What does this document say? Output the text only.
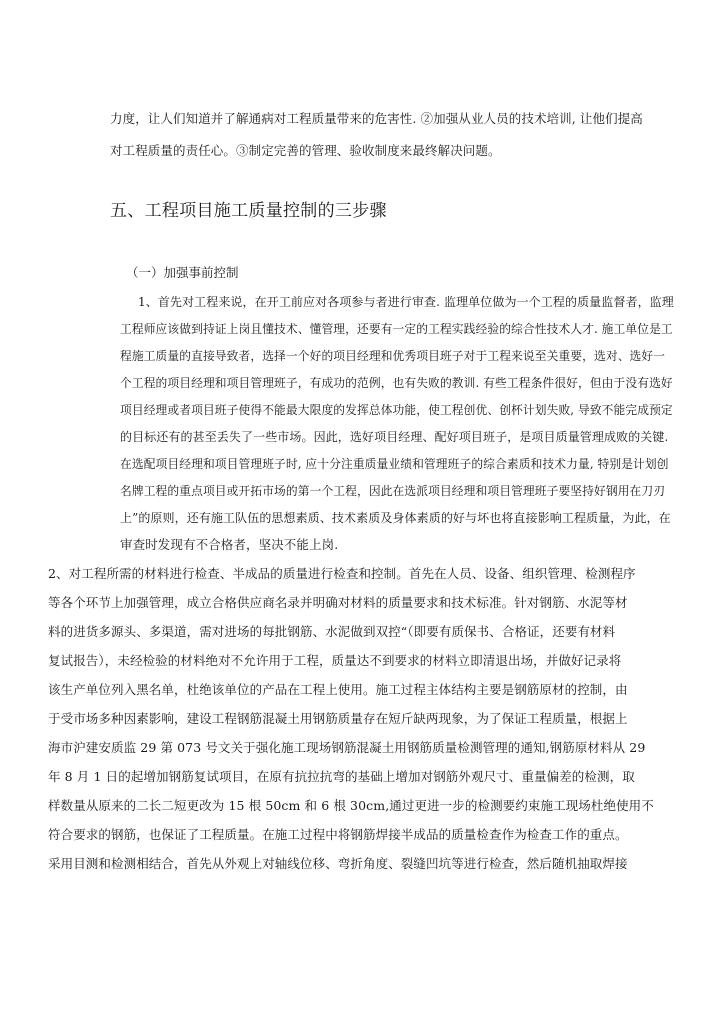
力度，让人们知道并了解通病对工程质量带来的危害性. ②加强从业人员的技术培训, 让他们提高
对工程质量的责任心。③制定完善的管理、验收制度来最终解决问题。
五、工程项目施工质量控制的三步骤
（一）加强事前控制
1、首先对工程来说，在开工前应对各项参与者进行审查. 监理单位做为一个工程的质量监督者，监理
工程师应该做到持证上岗且懂技术、懂管理，还要有一定的工程实践经验的综合性技术人才. 施工单位是工
程施工质量的直接导致者，选择一个好的项目经理和优秀项目班子对于工程来说至关重要，选对、选好一
个工程的项目经理和项目管理班子，有成功的范例，也有失败的教训. 有些工程条件很好，但由于没有选好
项目经理或者项目班子使得不能最大限度的发挥总体功能，使工程创优、创杯计划失败, 导致不能完成预定
的目标还有的甚至丢失了一些市场。因此，选好项目经理、配好项目班子，是项目质量管理成败的关键.
在选配项目经理和项目管理班子时, 应十分注重质量业绩和管理班子的综合素质和技术力量, 特别是计划创
名牌工程的重点项目或开拓市场的第一个工程，因此在选派项目经理和项目管理班子要坚持好钢用在刀刃
上”的原则，还有施工队伍的思想素质、技术素质及身体素质的好与坏也将直接影响工程质量，为此，在
审查时发现有不合格者，坚决不能上岗.
2、对工程所需的材料进行检查、半成品的质量进行检查和控制。首先在人员、设备、组织管理、检测程序
等各个环节上加强管理，成立合格供应商名录并明确对材料的质量要求和技术标准。针对钢筋、水泥等材
料的进货多源头、多渠道，需对进场的每批钢筋、水泥做到双控“（即要有质保书、合格证，还要有材料
复试报告），未经检验的材料绝对不允许用于工程，质量达不到要求的材料立即清退出场，并做好记录将
该生产单位列入黑名单，杜绝该单位的产品在工程上使用。施工过程主体结构主要是钢筋原材的控制，由
于受市场多种因素影响，建设工程钢筋混凝土用钢筋质量存在短斤缺两现象，为了保证工程质量，根据上
海市沪建安质监 29 第 073 号文关于强化施工现场钢筋混凝土用钢筋质量检测管理的通知,钢筋原材料从 29
年 8 月 1 日的起增加钢筋复试项目，在原有抗拉抗弯的基础上增加对钢筋外观尺寸、重量偏差的检测，取
样数量从原来的二长二短更改为 15 根 50cm 和 6 根 30cm,通过更进一步的检测要约束施工现场杜绝使用不
符合要求的钢筋，也保证了工程质量。在施工过程中将钢筋焊接半成品的质量检查作为检查工作的重点。
采用目测和检测相结合，首先从外观上对轴线位移、弯折角度、裂缝凹坑等进行检查，然后随机抽取焊接
